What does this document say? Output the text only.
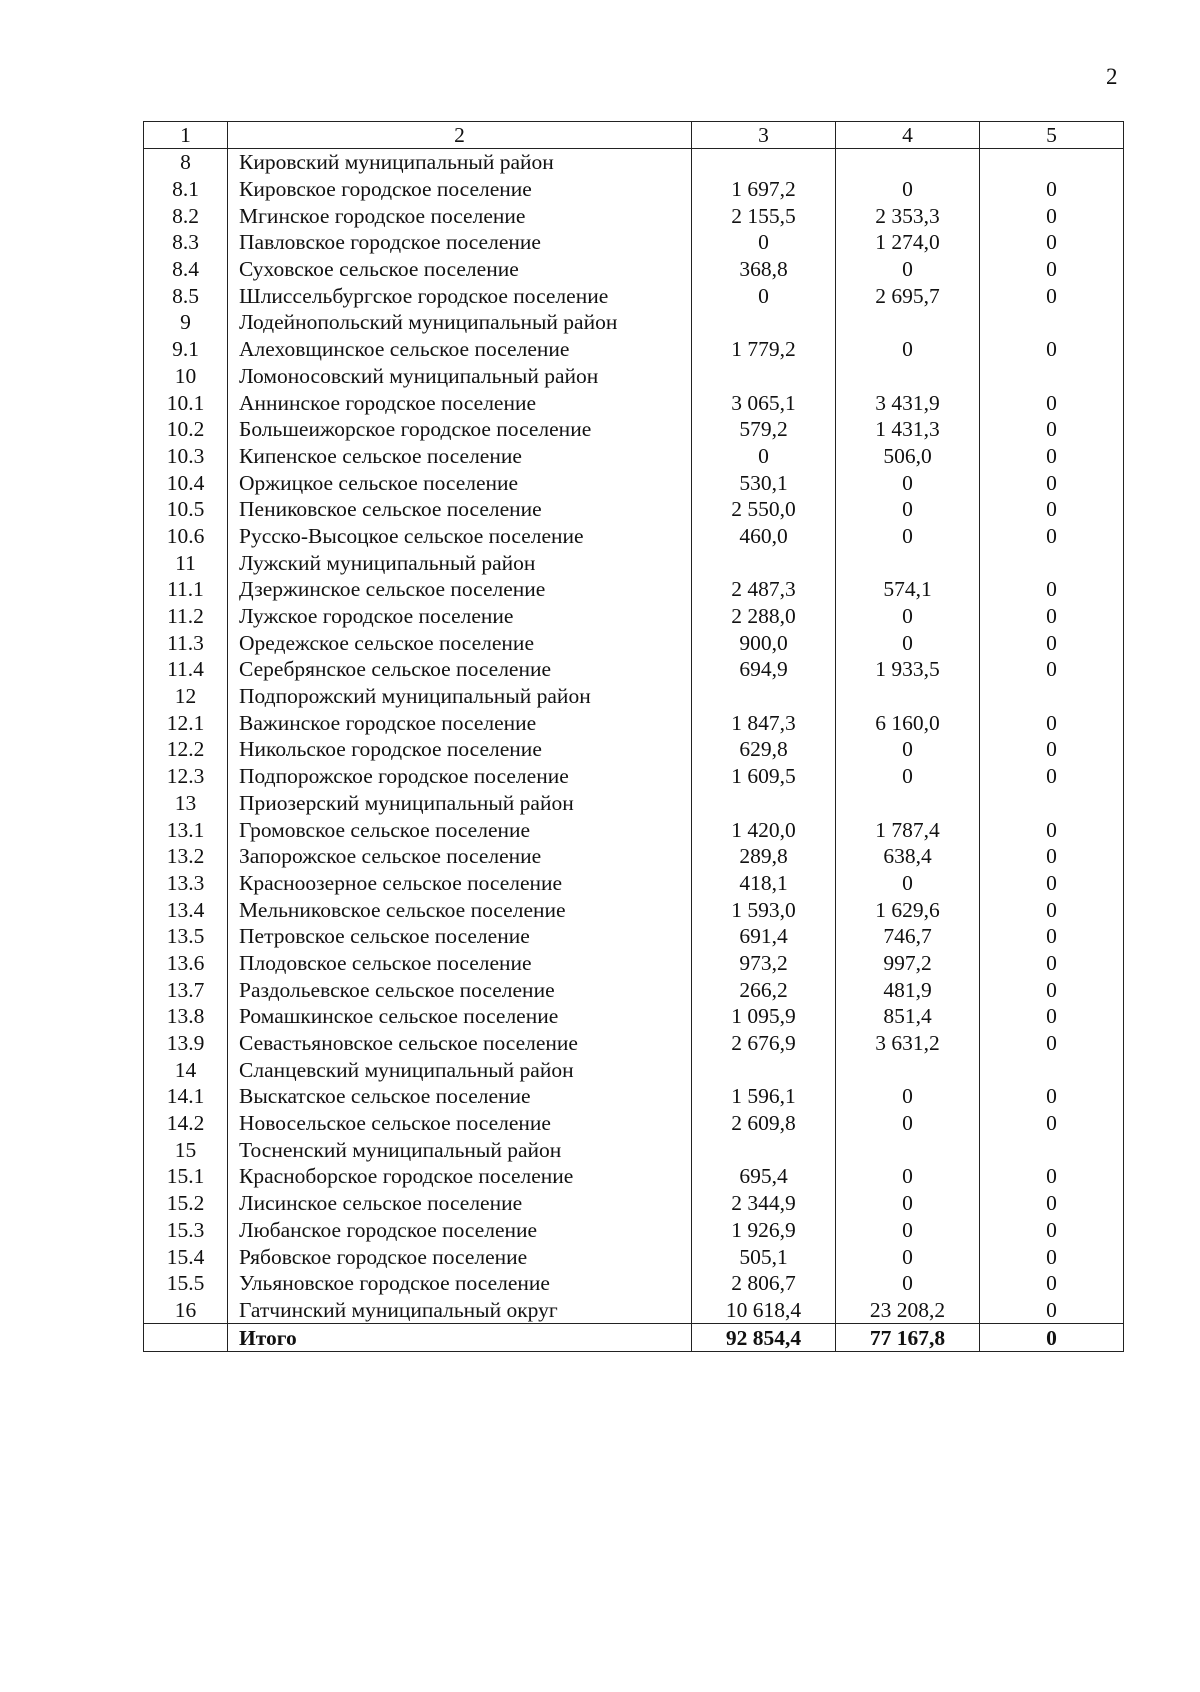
2
1	2	3	4	5
8	Кировский муниципальный район			
8.1	Кировское городское поселение	1 697,2	0	0
8.2	Мгинское городское поселение	2 155,5	2 353,3	0
8.3	Павловское городское поселение	0	1 274,0	0
8.4	Суховское сельское поселение	368,8	0	0
8.5	Шлиссельбургское городское поселение	0	2 695,7	0
9	Лодейнопольский муниципальный район			
9.1	Алеховщинское сельское поселение	1 779,2	0	0
10	Ломоносовский муниципальный район			
10.1	Аннинское городское поселение	3 065,1	3 431,9	0
10.2	Большеижорское городское поселение	579,2	1 431,3	0
10.3	Кипенское сельское поселение	0	506,0	0
10.4	Оржицкое сельское поселение	530,1	0	0
10.5	Пениковское сельское поселение	2 550,0	0	0
10.6	Русско-Высоцкое сельское поселение	460,0	0	0
11	Лужский муниципальный район			
11.1	Дзержинское сельское поселение	2 487,3	574,1	0
11.2	Лужское городское поселение	2 288,0	0	0
11.3	Оредежское сельское поселение	900,0	0	0
11.4	Серебрянское сельское поселение	694,9	1 933,5	0
12	Подпорожский муниципальный район			
12.1	Важинское городское поселение	1 847,3	6 160,0	0
12.2	Никольское городское поселение	629,8	0	0
12.3	Подпорожское городское поселение	1 609,5	0	0
13	Приозерский муниципальный район			
13.1	Громовское сельское поселение	1 420,0	1 787,4	0
13.2	Запорожское сельское поселение	289,8	638,4	0
13.3	Красноозерное сельское поселение	418,1	0	0
13.4	Мельниковское сельское поселение	1 593,0	1 629,6	0
13.5	Петровское сельское поселение	691,4	746,7	0
13.6	Плодовское сельское поселение	973,2	997,2	0
13.7	Раздольевское сельское поселение	266,2	481,9	0
13.8	Ромашкинское сельское поселение	1 095,9	851,4	0
13.9	Севастьяновское сельское поселение	2 676,9	3 631,2	0
14	Сланцевский муниципальный район			
14.1	Выскатское сельское поселение	1 596,1	0	0
14.2	Новосельское сельское поселение	2 609,8	0	0
15	Тосненский муниципальный район			
15.1	Красноборское городское поселение	695,4	0	0
15.2	Лисинское сельское поселение	2 344,9	0	0
15.3	Любанское городское поселение	1 926,9	0	0
15.4	Рябовское городское поселение	505,1	0	0
15.5	Ульяновское городское поселение	2 806,7	0	0
16	Гатчинский муниципальный округ	10 618,4	23 208,2	0
	Итого	92 854,4	77 167,8	0
